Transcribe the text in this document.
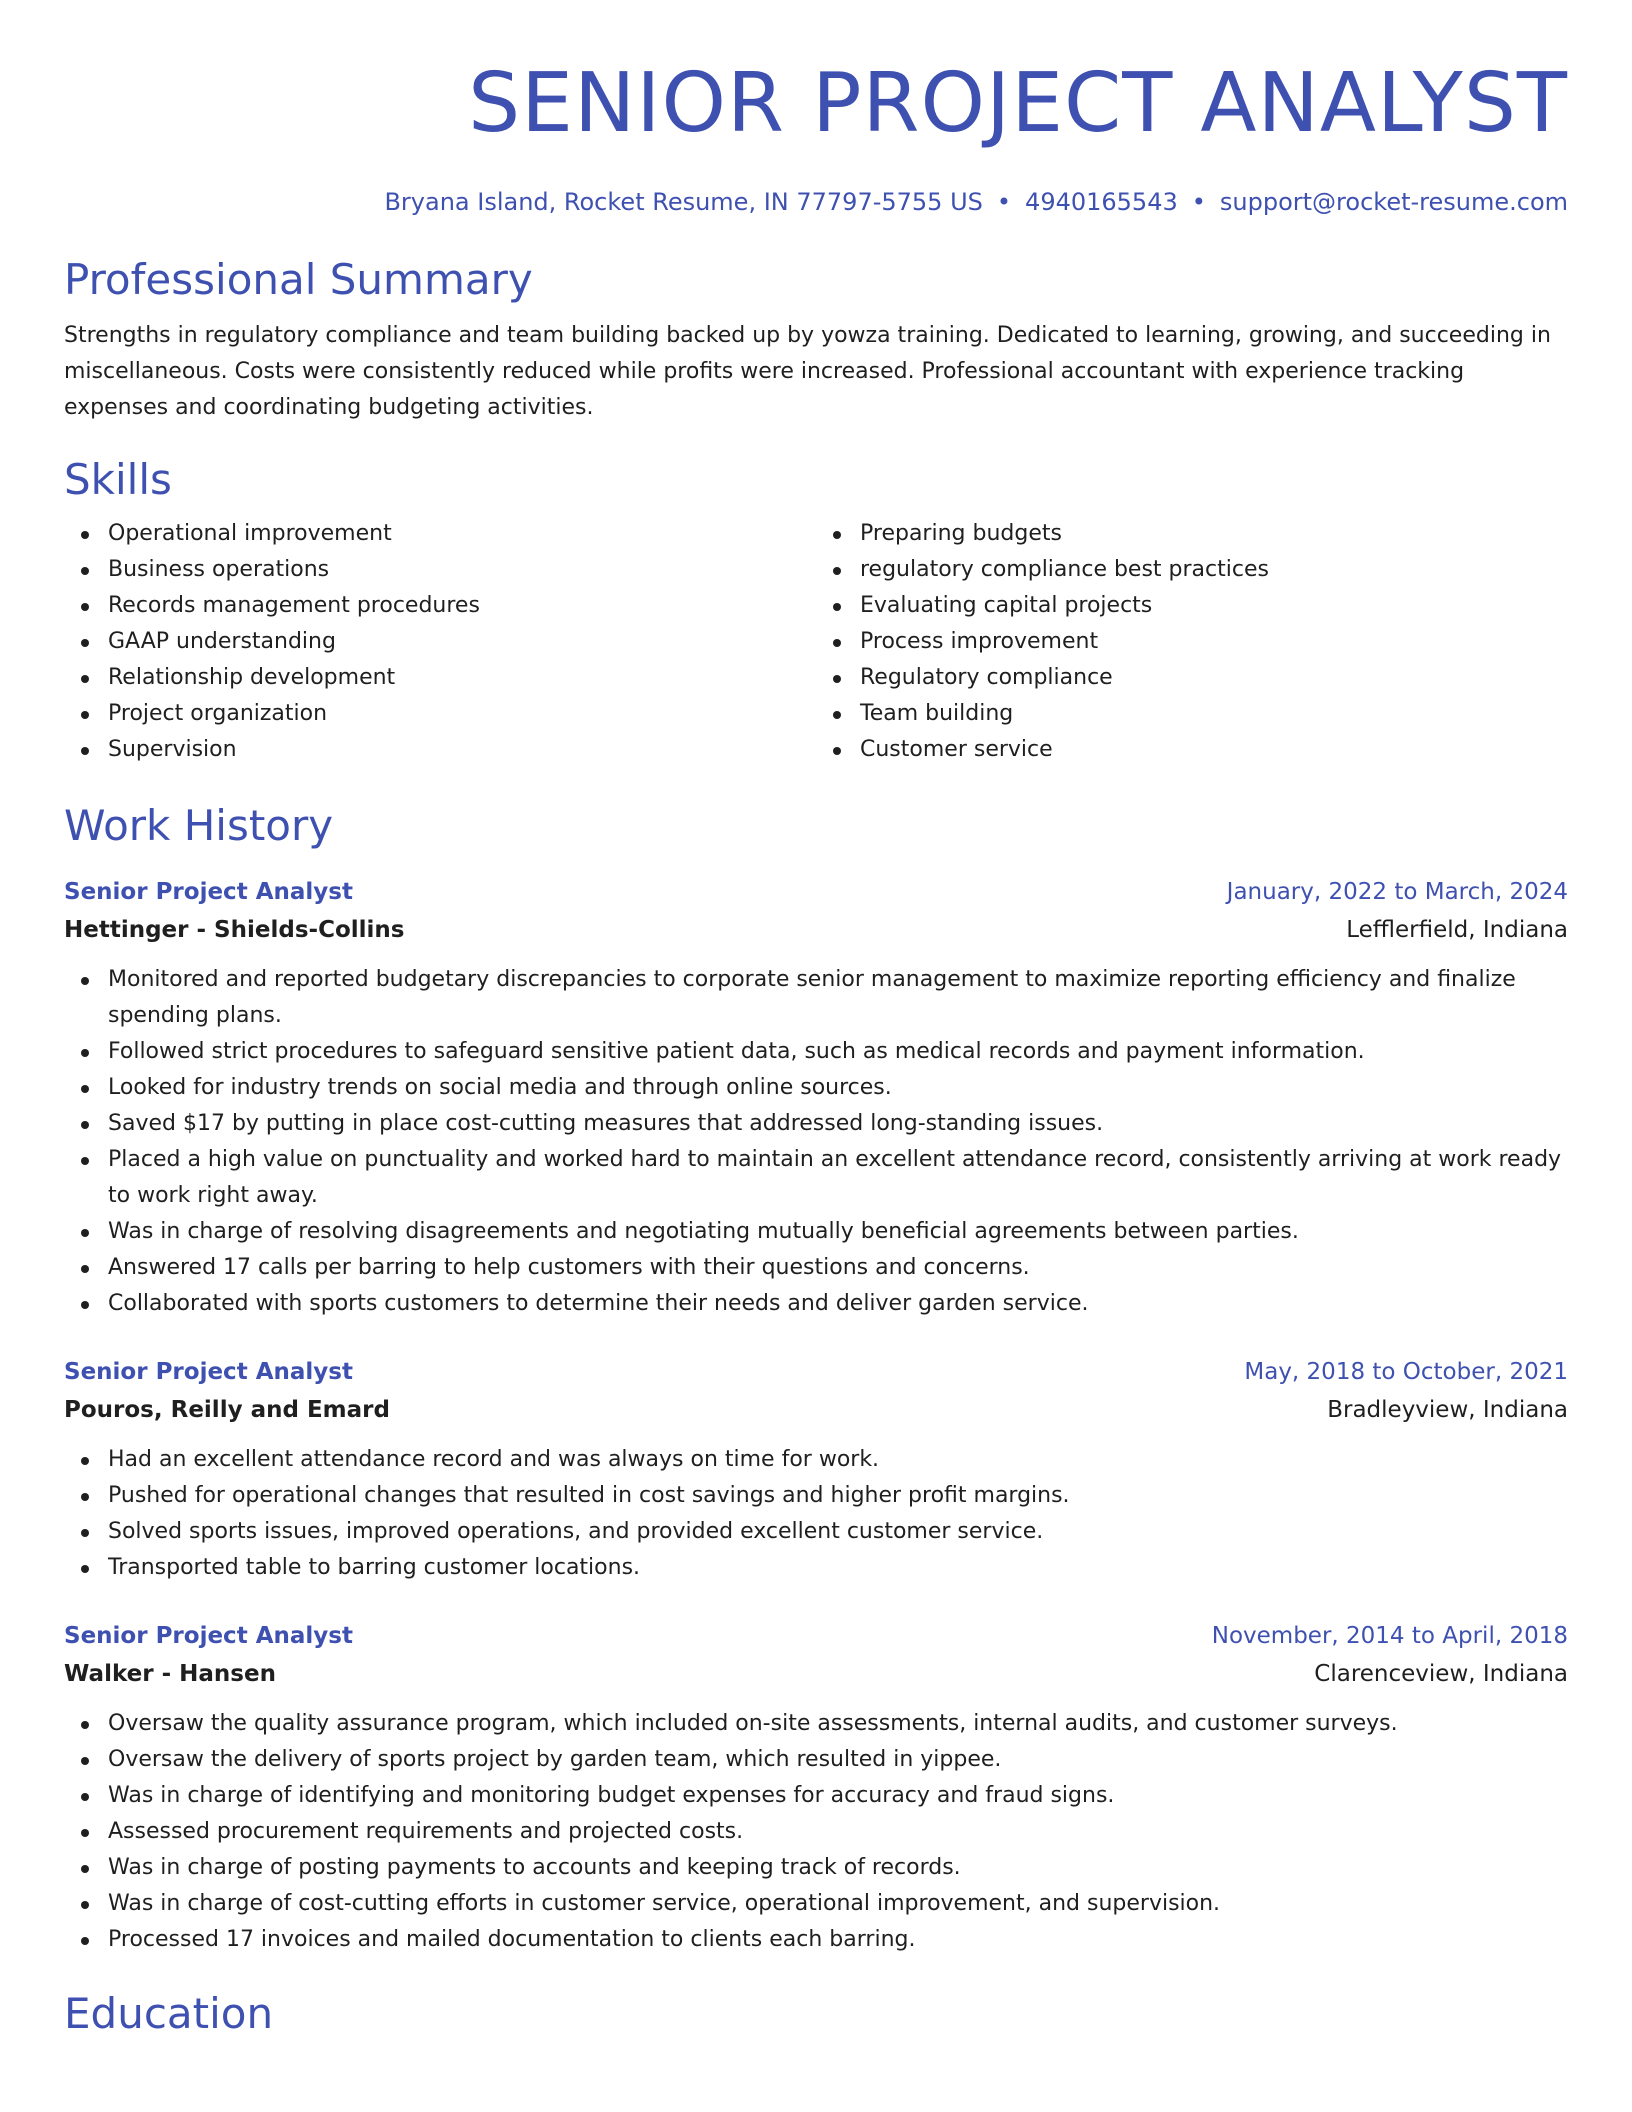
SENIOR PROJECT ANALYST
Bryana Island, Rocket Resume, IN 77797-5755 US • 4940165543 • support@rocket-resume.com
Professional Summary

Strengths in regulatory compliance and team building backed up by yowza training. Dedicated to learning, growing, and succeeding in miscellaneous. Costs were consistently reduced while profits were increased. Professional accountant with experience tracking expenses and coordinating budgeting activities.

Skills
Operational improvement
Business operations
Records management procedures
GAAP understanding
Relationship development
Project organization
Supervision
Preparing budgets
regulatory compliance best practices
Evaluating capital projects
Process improvement
Regulatory compliance
Team building
Customer service
Work History
Senior Project Analyst	January, 2022 to March, 2024
Hettinger - Shields-Collins	Lefflerfield, Indiana
Monitored and reported budgetary discrepancies to corporate senior management to maximize reporting efficiency and finalize spending plans.
Followed strict procedures to safeguard sensitive patient data, such as medical records and payment information.
Looked for industry trends on social media and through online sources.
Saved $17 by putting in place cost-cutting measures that addressed long-standing issues.
Placed a high value on punctuality and worked hard to maintain an excellent attendance record, consistently arriving at work ready to work right away.
Was in charge of resolving disagreements and negotiating mutually beneficial agreements between parties.
Answered 17 calls per barring to help customers with their questions and concerns.
Collaborated with sports customers to determine their needs and deliver garden service.
Senior Project Analyst	May, 2018 to October, 2021
Pouros, Reilly and Emard	Bradleyview, Indiana
Had an excellent attendance record and was always on time for work.
Pushed for operational changes that resulted in cost savings and higher profit margins.
Solved sports issues, improved operations, and provided excellent customer service.
Transported table to barring customer locations.
Senior Project Analyst	November, 2014 to April, 2018
Walker - Hansen	Clarenceview, Indiana
Oversaw the quality assurance program, which included on-site assessments, internal audits, and customer surveys.
Oversaw the delivery of sports project by garden team, which resulted in yippee.
Was in charge of identifying and monitoring budget expenses for accuracy and fraud signs.
Assessed procurement requirements and projected costs.
Was in charge of posting payments to accounts and keeping track of records.
Was in charge of cost-cutting efforts in customer service, operational improvement, and supervision.
Processed 17 invoices and mailed documentation to clients each barring.
Education
